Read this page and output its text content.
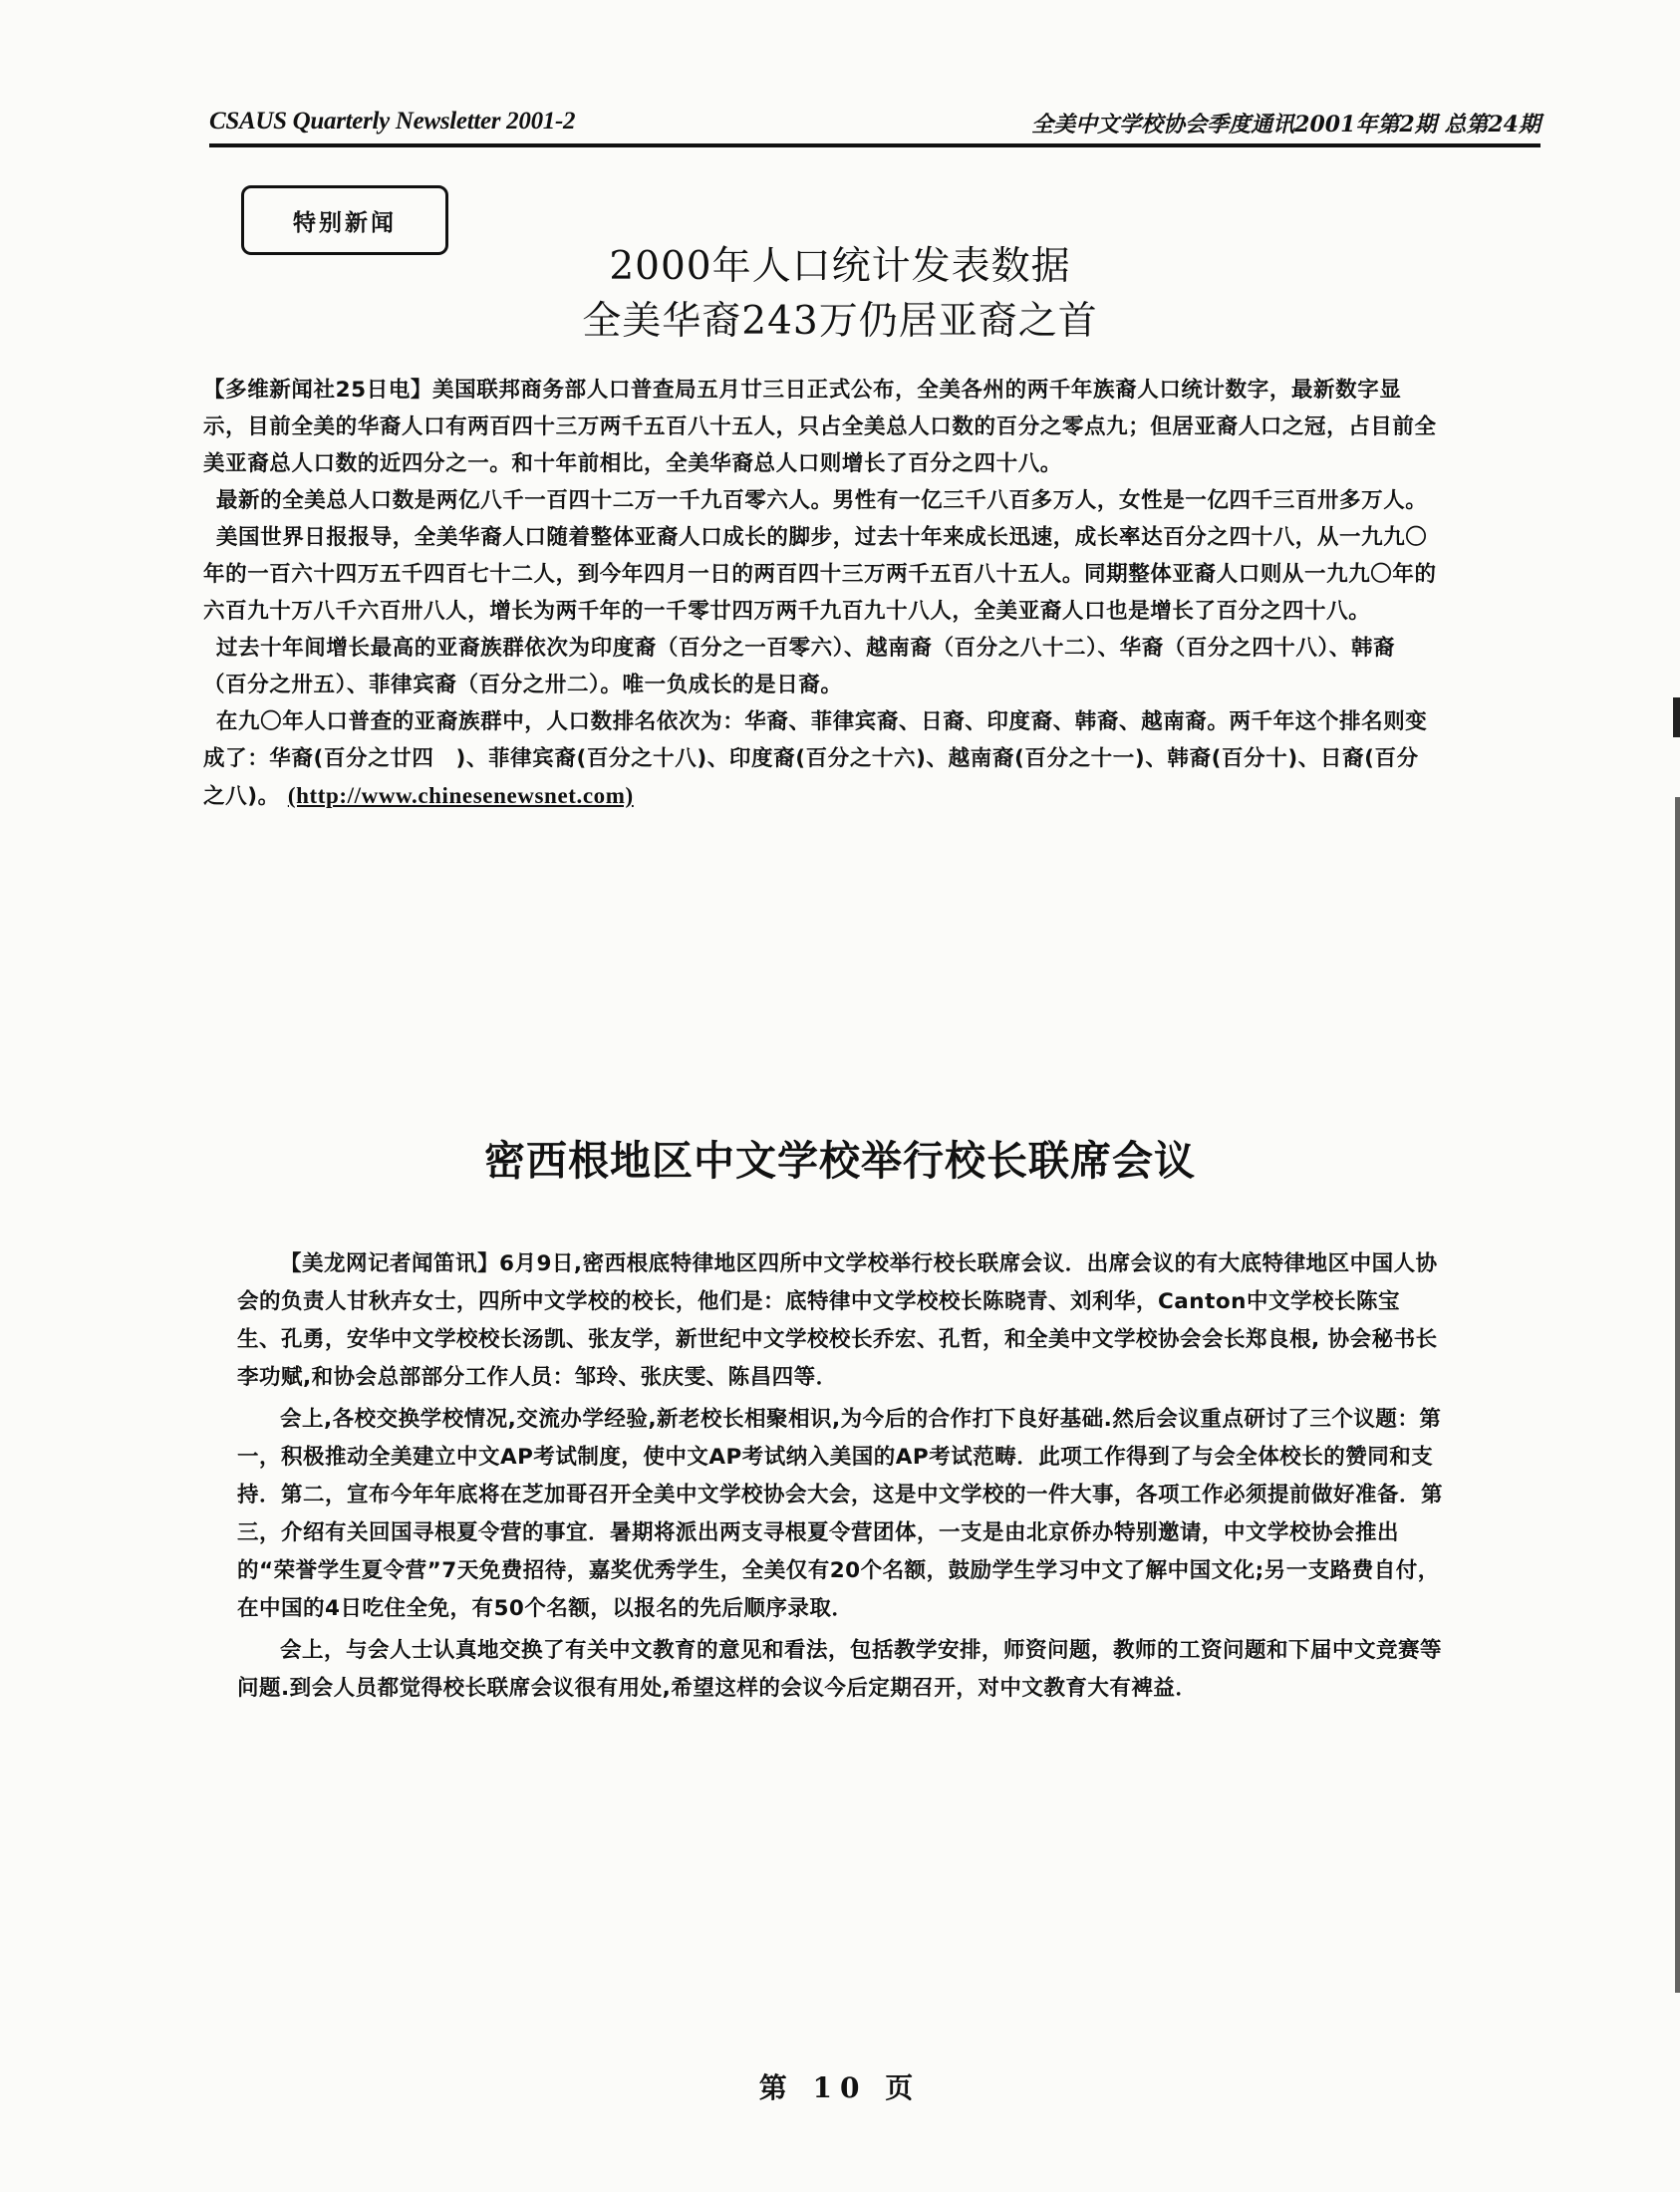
CSAUS Quarterly Newsletter 2001-2	全美中文学校协会季度通讯2001年第2期 总第24期
特别新闻
2000年人口统计发表数据
全美华裔243万仍居亚裔之首

【多维新闻社25日电】美国联邦商务部人口普查局五月廿三日正式公布，全美各州的两千年族裔人口统计数字，最新数字显示，目前全美的华裔人口有两百四十三万两千五百八十五人，只占全美总人口数的百分之零点九；但居亚裔人口之冠，占目前全美亚裔总人口数的近四分之一。和十年前相比，全美华裔总人口则增长了百分之四十八。

最新的全美总人口数是两亿八千一百四十二万一千九百零六人。男性有一亿三千八百多万人，女性是一亿四千三百卅多万人。

美国世界日报报导，全美华裔人口随着整体亚裔人口成长的脚步，过去十年来成长迅速，成长率达百分之四十八，从一九九〇年的一百六十四万五千四百七十二人，到今年四月一日的两百四十三万两千五百八十五人。同期整体亚裔人口则从一九九〇年的六百九十万八千六百卅八人，增长为两千年的一千零廿四万两千九百九十八人，全美亚裔人口也是增长了百分之四十八。

过去十年间增长最高的亚裔族群依次为印度裔（百分之一百零六）、越南裔（百分之八十二）、华裔（百分之四十八）、韩裔（百分之卅五）、菲律宾裔（百分之卅二）。唯一负成长的是日裔。

在九〇年人口普查的亚裔族群中，人口数排名依次为：华裔、菲律宾裔、日裔、印度裔、韩裔、越南裔。两千年这个排名则变成了：华裔(百分之廿四　)、菲律宾裔(百分之十八)、印度裔(百分之十六)、越南裔(百分之十一)、韩裔(百分十)、日裔(百分之八)。 (http://www.chinesenewsnet.com)

密西根地区中文学校举行校长联席会议

【美龙网记者闻笛讯】6月9日,密西根底特律地区四所中文学校举行校长联席会议．出席会议的有大底特律地区中国人协会的负责人甘秋卉女士，四所中文学校的校长，他们是：底特律中文学校校长陈晓青、刘利华，Canton中文学校长陈宝生、孔勇，安华中文学校校长汤凯、张友学，新世纪中文学校校长乔宏、孔哲，和全美中文学校协会会长郑良根, 协会秘书长李功赋,和协会总部部分工作人员：邹玲、张庆雯、陈昌四等．

会上,各校交换学校情况,交流办学经验,新老校长相聚相识,为今后的合作打下良好基础.然后会议重点研讨了三个议题：第一，积极推动全美建立中文AP考试制度，使中文AP考试纳入美国的AP考试范畴．此项工作得到了与会全体校长的赞同和支持．第二，宣布今年年底将在芝加哥召开全美中文学校协会大会，这是中文学校的一件大事，各项工作必须提前做好准备．第三，介绍有关回国寻根夏令营的事宜．暑期将派出两支寻根夏令营团体，一支是由北京侨办特别邀请，中文学校协会推出的“荣誉学生夏令营”7天免费招待，嘉奖优秀学生，全美仅有20个名额，鼓励学生学习中文了解中国文化;另一支路费自付，在中国的4日吃住全免，有50个名额，以报名的先后顺序录取．

会上，与会人士认真地交换了有关中文教育的意见和看法，包括教学安排，师资问题，教师的工资问题和下届中文竞赛等问题.到会人员都觉得校长联席会议很有用处,希望这样的会议今后定期召开，对中文教育大有裨益．

第 10 页
